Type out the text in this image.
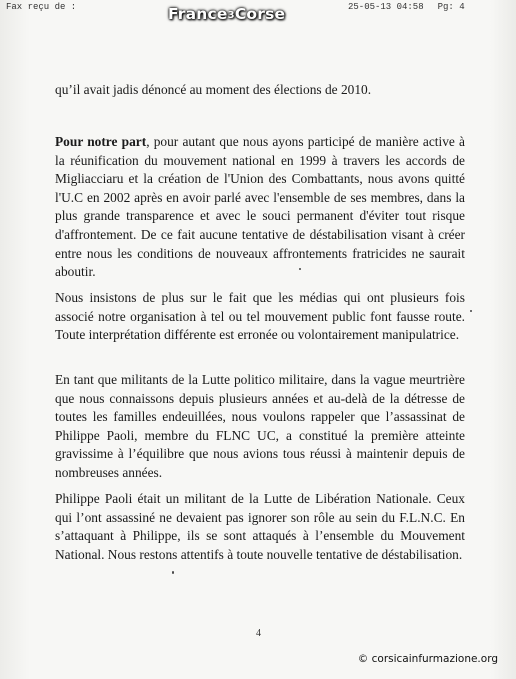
Fax reçu de :	25-05-13 04:58 Pg: 4
France3Corse
qu’il avait jadis dénoncé au moment des élections de 2010.
Pour notre part, pour autant que nous ayons participé de manière active à la réunification du mouvement national en 1999 à travers les accords de Migliacciaru et la création de l'Union des Combattants, nous avons quitté l'U.C en 2002 après en avoir parlé avec l'ensemble de ses membres, dans la plus grande transparence et avec le souci permanent d'éviter tout risque d'affrontement. De ce fait aucune tentative de déstabilisation visant à créer entre nous les conditions de nouveaux affrontements fratricides ne saurait aboutir.
Nous insistons de plus sur le fait que les médias qui ont plusieurs fois associé notre organisation à tel ou tel mouvement public font fausse route. Toute interprétation différente est erronée ou volontairement manipulatrice.
En tant que militants de la Lutte politico militaire, dans la vague meurtrière que nous connaissons depuis plusieurs années et au-delà de la détresse de toutes les familles endeuillées, nous voulons rappeler que l’assassinat de Philippe Paoli, membre du FLNC UC, a constitué la première atteinte gravissime à l’équilibre que nous avions tous réussi à maintenir depuis de nombreuses années.
Philippe Paoli était un militant de la Lutte de Libération Nationale. Ceux qui l’ont assassiné ne devaient pas ignorer son rôle au sein du F.L.N.C. En s’attaquant à Philippe, ils se sont attaqués à l’ensemble du Mouvement National. Nous restons attentifs à toute nouvelle tentative de déstabilisation.
4
© corsicainfurmazione.org
